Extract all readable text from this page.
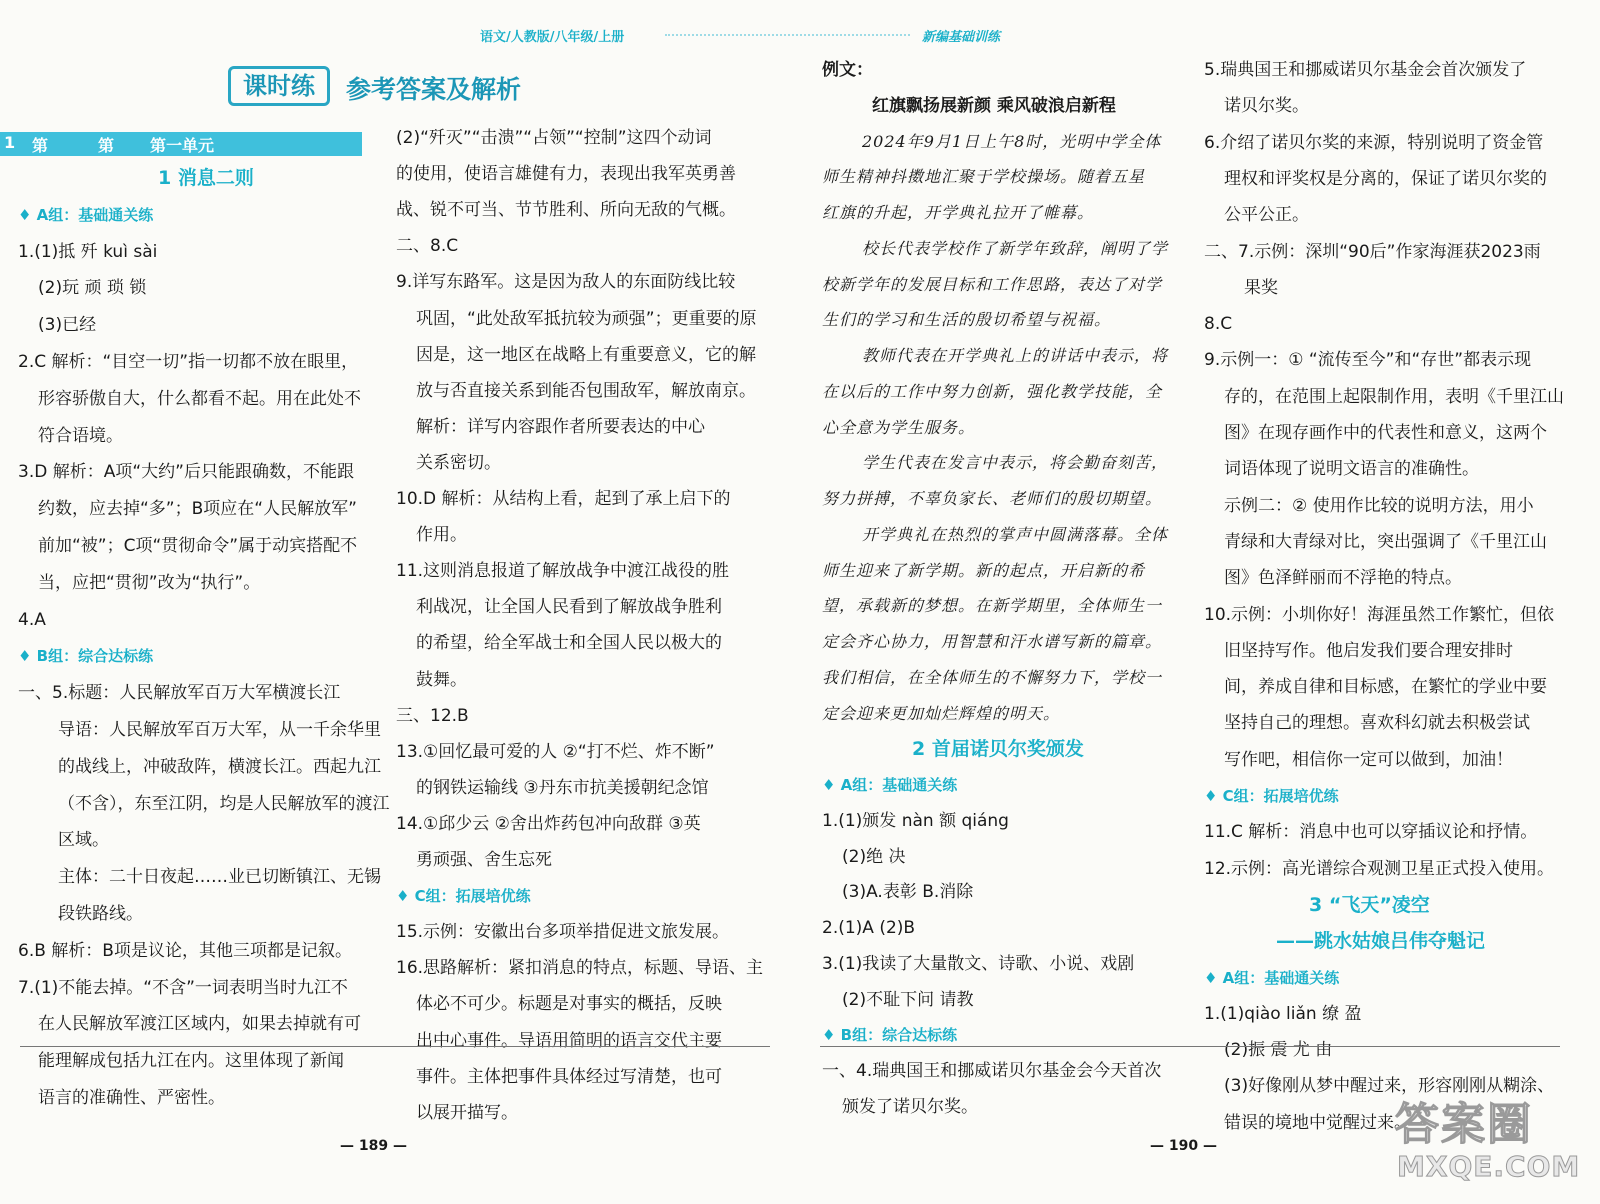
语文/人教版/八年级/上册	新编基础训练
课时练	参考答案及解析
1 第	第 第一单元
1 消息二则
♦ A组：基础通关练
1.(1)抵 歼 kuì sài
(2)玩 顽 琐 锁
(3)已经
2.C 解析：“目空一切”指一切都不放在眼里，
形容骄傲自大，什么都看不起。用在此处不
符合语境。
3.D 解析：A项“大约”后只能跟确数，不能跟
约数，应去掉“多”；B项应在“人民解放军”
前加“被”；C项“贯彻命令”属于动宾搭配不
当，应把“贯彻”改为“执行”。
4.A
♦ B组：综合达标练
一、5.标题：人民解放军百万大军横渡长江
导语：人民解放军百万大军，从一千余华里
的战线上，冲破敌阵，横渡长江。西起九江
（不含），东至江阴，均是人民解放军的渡江
区域。
主体：二十日夜起……业已切断镇江、无锡
段铁路线。
6.B 解析：B项是议论，其他三项都是记叙。
7.(1)不能去掉。“不含”一词表明当时九江不
在人民解放军渡江区域内，如果去掉就有可
能理解成包括九江在内。这里体现了新闻
语言的准确性、严密性。
(2)“歼灭”“击溃”“占领”“控制”这四个动词
的使用，使语言雄健有力，表现出我军英勇善
战、锐不可当、节节胜利、所向无敌的气概。
二、8.C
9.详写东路军。这是因为敌人的东面防线比较
巩固，“此处敌军抵抗较为顽强”；更重要的原
因是，这一地区在战略上有重要意义，它的解
放与否直接关系到能否包围敌军，解放南京。
解析：详写内容跟作者所要表达的中心
关系密切。
10.D 解析：从结构上看，起到了承上启下的
作用。
11.这则消息报道了解放战争中渡江战役的胜
利战况，让全国人民看到了解放战争胜利
的希望，给全军战士和全国人民以极大的
鼓舞。
三、12.B
13.①回忆最可爱的人 ②“打不烂、炸不断”
的钢铁运输线 ③丹东市抗美援朝纪念馆
14.①邱少云 ②舍出炸药包冲向敌群 ③英
勇顽强、舍生忘死
♦ C组：拓展培优练
15.示例：安徽出台多项举措促进文旅发展。
16.思路解析：紧扣消息的特点，标题、导语、主
体必不可少。标题是对事实的概括，反映
出中心事件。导语用简明的语言交代主要
事件。主体把事件具体经过写清楚，也可
以展开描写。
例文：
红旗飘扬展新颜 乘风破浪启新程
2024年9月1日上午8时，光明中学全体
师生精神抖擞地汇聚于学校操场。随着五星
红旗的升起，开学典礼拉开了帷幕。
校长代表学校作了新学年致辞，阐明了学
校新学年的发展目标和工作思路，表达了对学
生们的学习和生活的殷切希望与祝福。
教师代表在开学典礼上的讲话中表示，将
在以后的工作中努力创新，强化教学技能，全
心全意为学生服务。
学生代表在发言中表示，将会勤奋刻苦，
努力拼搏，不辜负家长、老师们的殷切期望。
开学典礼在热烈的掌声中圆满落幕。全体
师生迎来了新学期。新的起点，开启新的希
望，承载新的梦想。在新学期里，全体师生一
定会齐心协力，用智慧和汗水谱写新的篇章。
我们相信，在全体师生的不懈努力下，学校一
定会迎来更加灿烂辉煌的明天。
2 首届诺贝尔奖颁发
♦ A组：基础通关练
1.(1)颁发 nàn 额 qiáng
(2)绝 决
(3)A.表彰 B.消除
2.(1)A (2)B
3.(1)我读了大量散文、诗歌、小说、戏剧
(2)不耻下问 请教
♦ B组：综合达标练
一、4.瑞典国王和挪威诺贝尔基金会今天首次
颁发了诺贝尔奖。
5.瑞典国王和挪威诺贝尔基金会首次颁发了
诺贝尔奖。
6.介绍了诺贝尔奖的来源，特别说明了资金管
理权和评奖权是分离的，保证了诺贝尔奖的
公平公正。
二、7.示例：深圳“90后”作家海涯获2023雨
果奖
8.C
9.示例一：① “流传至今”和“存世”都表示现
存的，在范围上起限制作用，表明《千里江山
图》在现存画作中的代表性和意义，这两个
词语体现了说明文语言的准确性。
示例二：② 使用作比较的说明方法，用小
青绿和大青绿对比，突出强调了《千里江山
图》色泽鲜丽而不浮艳的特点。
10.示例：小圳你好！海涯虽然工作繁忙，但依
旧坚持写作。他启发我们要合理安排时
间，养成自律和目标感，在繁忙的学业中要
坚持自己的理想。喜欢科幻就去积极尝试
写作吧，相信你一定可以做到，加油！
♦ C组：拓展培优练
11.C 解析：消息中也可以穿插议论和抒情。
12.示例：高光谱综合观测卫星正式投入使用。
3 “飞天”凌空
——跳水姑娘吕伟夺魁记
♦ A组：基础通关练
1.(1)qiào liǎn 缭 盈
(2)振 震 尤 由
(3)好像刚从梦中醒过来，形容刚刚从糊涂、
错误的境地中觉醒过来。
— 189 —	— 190 —	答案圈
MXQE.COM
